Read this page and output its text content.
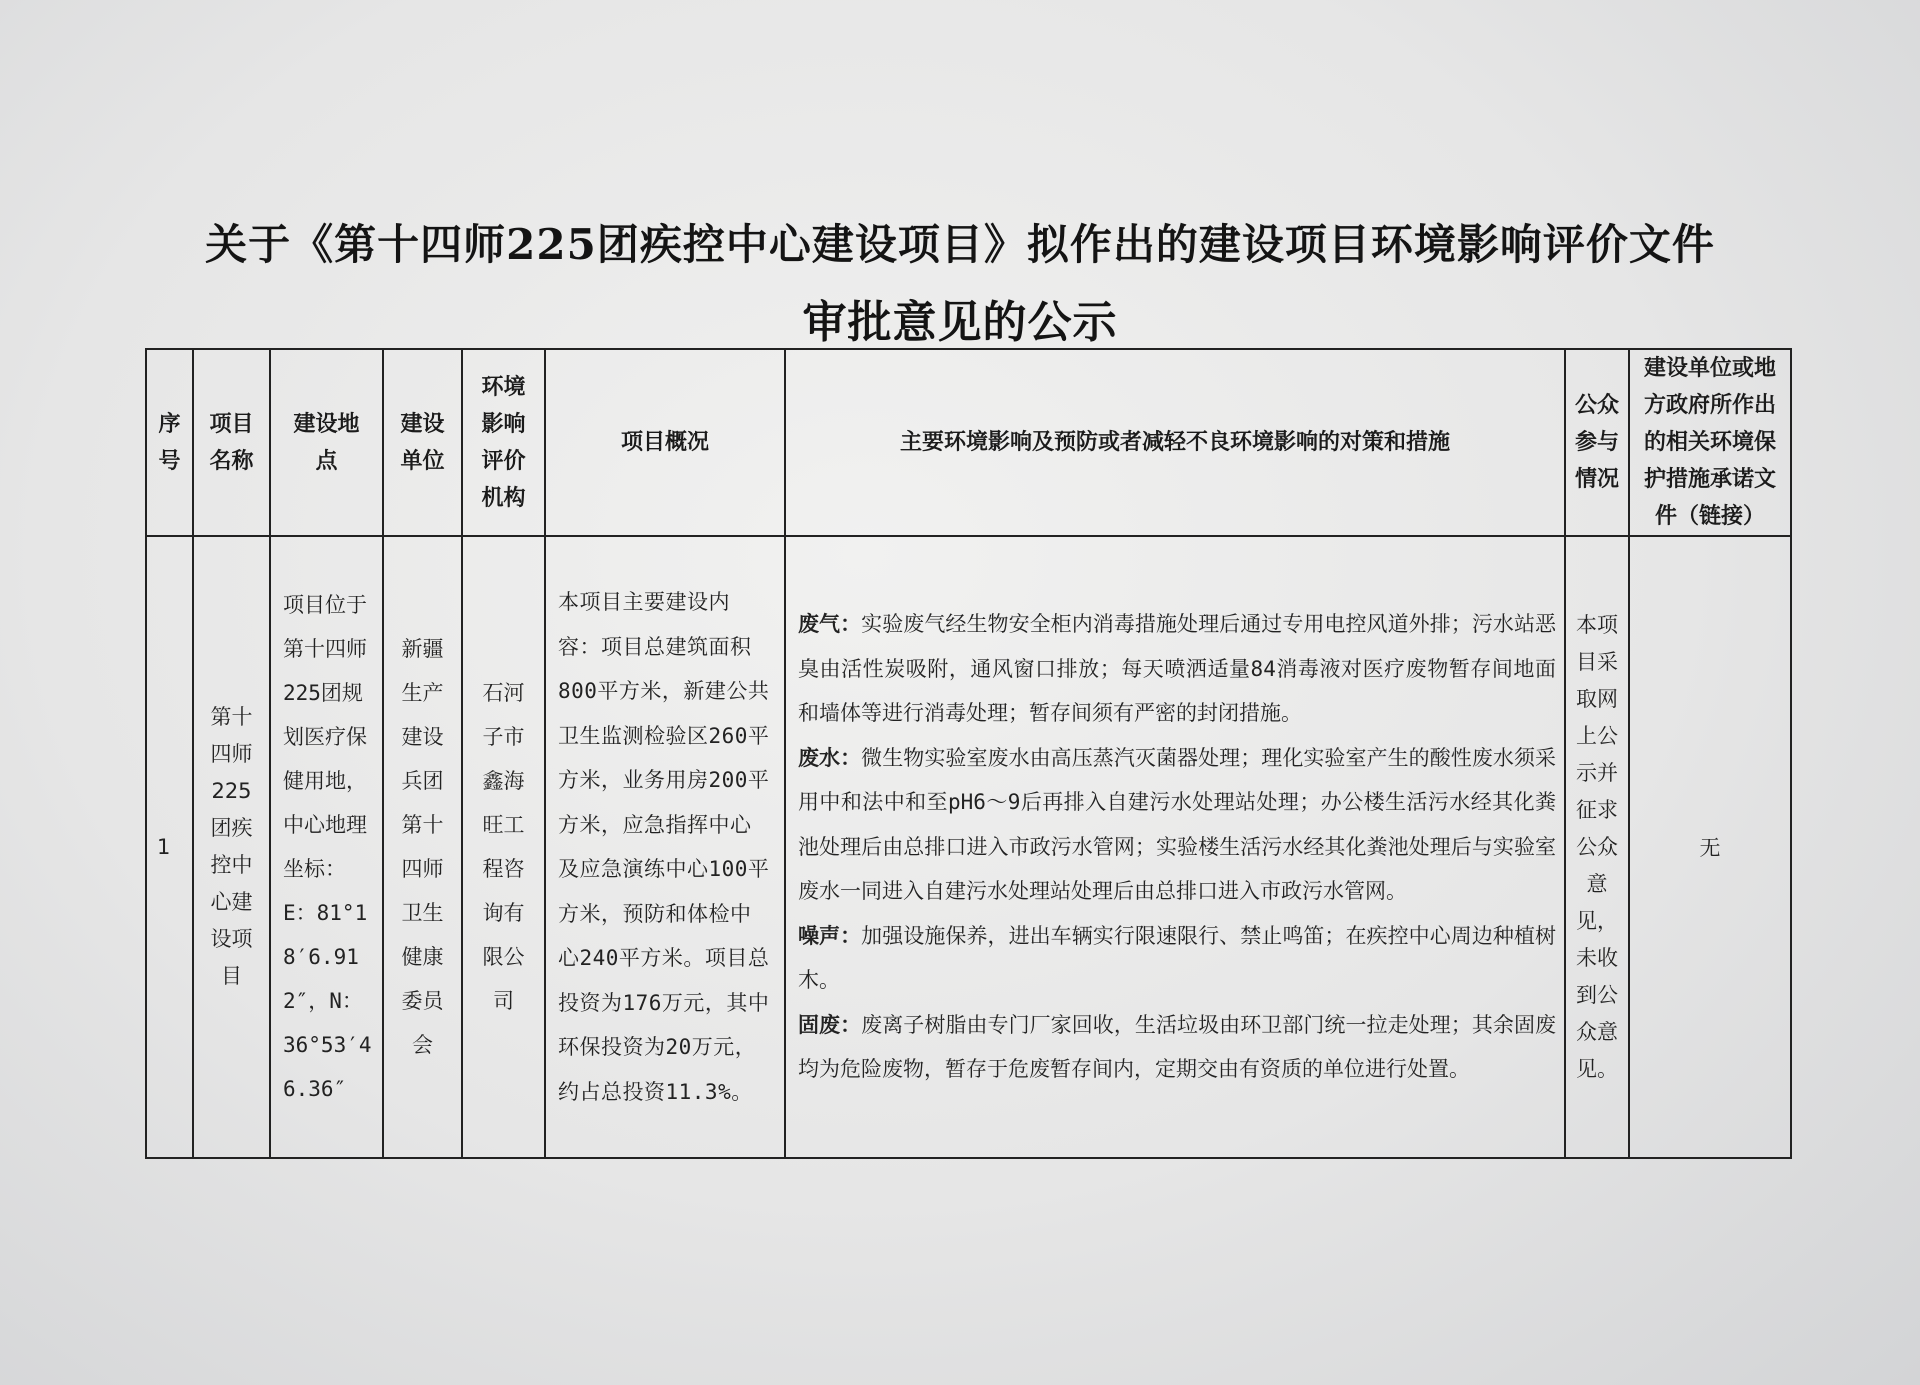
关于《第十四师225团疾控中心建设项目》拟作出的建设项目环境影响评价文件
审批意见的公示
序号	项目名称	建设地点	建设单位	环境影响评价机构	项目概况	主要环境影响及预防或者减轻不良环境影响的对策和措施	公众参与情况	建设单位或地方政府所作出的相关环境保护措施承诺文件（链接）

1	第十四师225团疾控中心建设项目	项目位于第十四师225团规划医疗保健用地，中心地理坐标：E：81°18′6.912″，N：36°53′46.36″	新疆生产建设兵团第十四师卫生健康委员会	石河子市鑫海旺工程咨询有限公司	本项目主要建设内容：项目总建筑面积800平方米，新建公共卫生监测检验区260平方米，业务用房200平方米，应急指挥中心及应急演练中心100平方米，预防和体检中心240平方米。项目总投资为176万元，其中环保投资为20万元，约占总投资11.3%。	废气：实验废气经生物安全柜内消毒措施处理后通过专用电控风道外排；污水站恶臭由活性炭吸附，通风窗口排放；每天喷洒适量84消毒液对医疗废物暂存间地面和墙体等进行消毒处理；暂存间须有严密的封闭措施。
废水：微生物实验室废水由高压蒸汽灭菌器处理；理化实验室产生的酸性废水须采用中和法中和至pH6～9后再排入自建污水处理站处理；办公楼生活污水经其化粪池处理后由总排口进入市政污水管网；实验楼生活污水经其化粪池处理后与实验室废水一同进入自建污水处理站处理后由总排口进入市政污水管网。
噪声：加强设施保养，进出车辆实行限速限行、禁止鸣笛；在疾控中心周边种植树木。
固废：废离子树脂由专门厂家回收，生活垃圾由环卫部门统一拉走处理；其余固废均为危险废物，暂存于危废暂存间内，定期交由有资质的单位进行处置。	本项目采取网上公示并征求公众意见，未收到公众意见。	无
